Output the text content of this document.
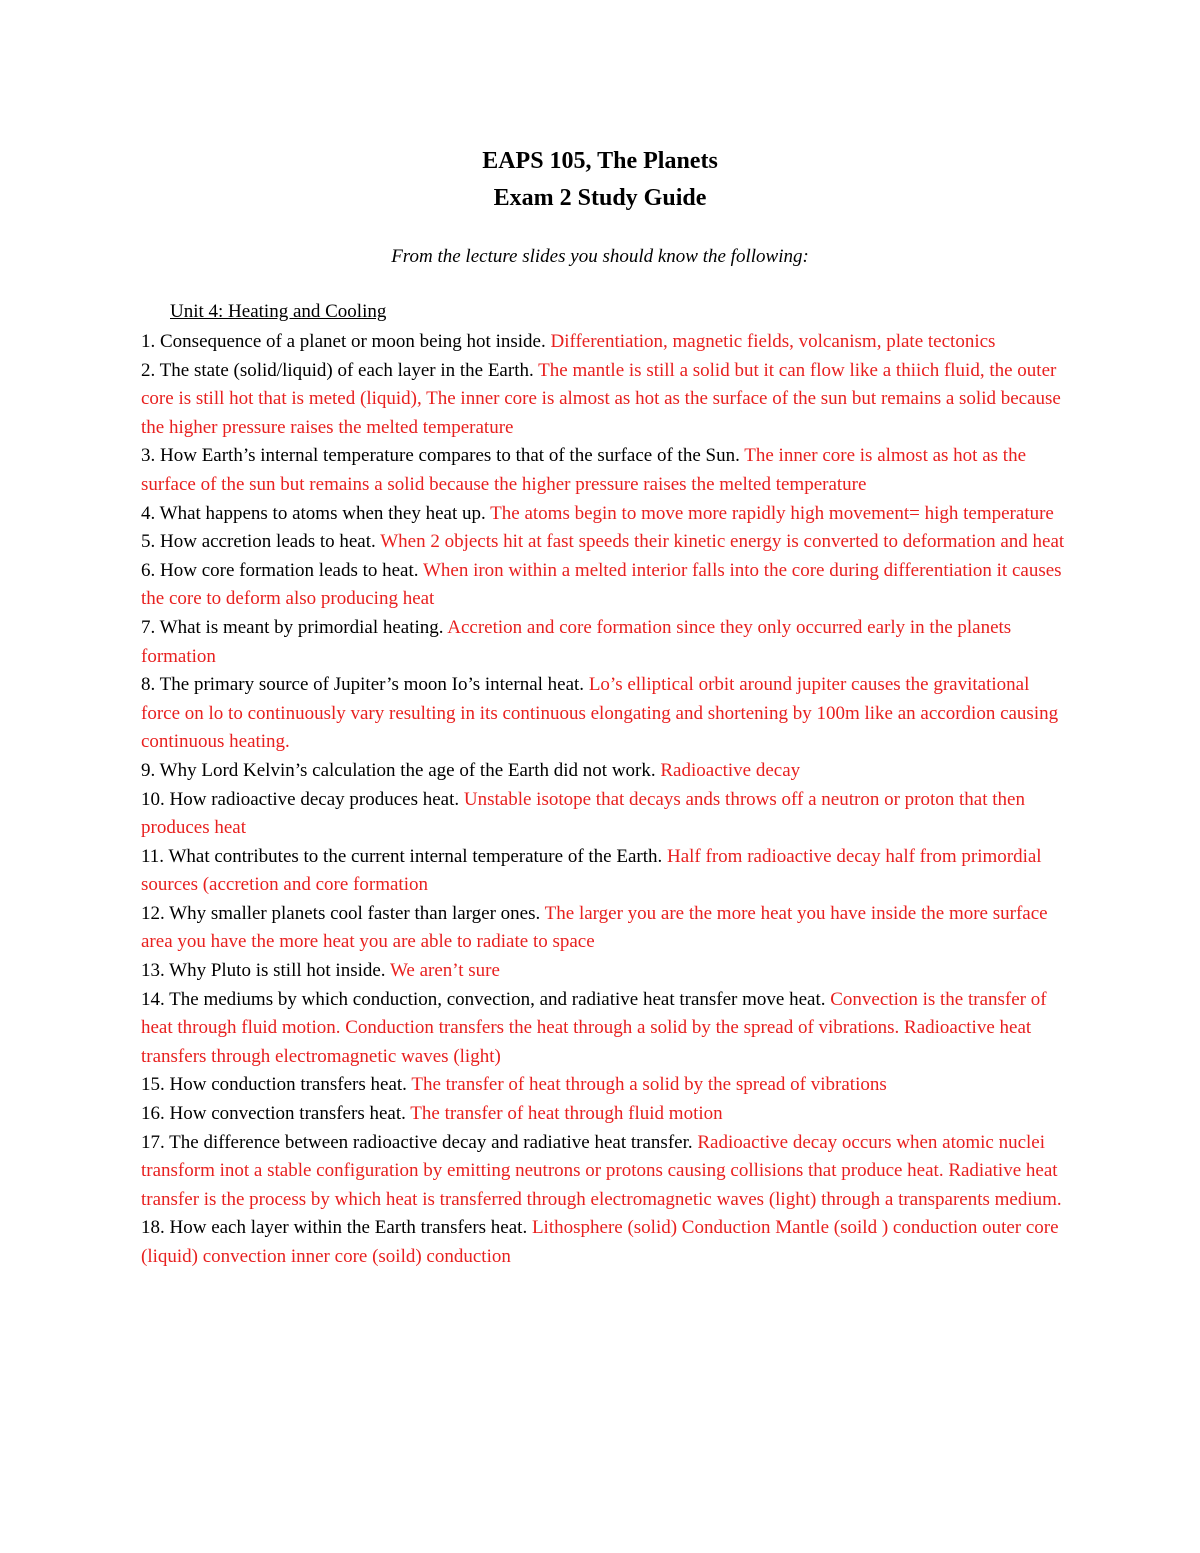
EAPS 105, The Planets

Exam 2 Study Guide

From the lecture slides you should know the following:

Unit 4: Heating and Cooling

1. Consequence of a planet or moon being hot inside. Differentiation, magnetic fields, volcanism, plate tectonics
2. The state (solid/liquid) of each layer in the Earth. The mantle is still a solid but it can flow like a thiich fluid, the outer core is still hot that is meted (liquid), The inner core is almost as hot as the surface of the sun but remains a solid because the higher pressure raises the melted temperature
3. How Earth’s internal temperature compares to that of the surface of the Sun. The inner core is almost as hot as the surface of the sun but remains a solid because the higher pressure raises the melted temperature
4. What happens to atoms when they heat up. The atoms begin to move more rapidly high movement= high temperature
5. How accretion leads to heat. When 2 objects hit at fast speeds their kinetic energy is converted to deformation and heat
6. How core formation leads to heat. When iron within a melted interior falls into the core during differentiation it causes the core to deform also producing heat
7. What is meant by primordial heating. Accretion and core formation since they only occurred early in the planets formation
8. The primary source of Jupiter’s moon Io’s internal heat. Lo’s elliptical orbit around jupiter causes the gravitational force on lo to continuously vary resulting in its continuous elongating and shortening by 100m like an accordion causing continuous heating.
9. Why Lord Kelvin’s calculation the age of the Earth did not work. Radioactive decay
10. How radioactive decay produces heat. Unstable isotope that decays ands throws off a neutron or proton that then produces heat
11. What contributes to the current internal temperature of the Earth. Half from radioactive decay half from primordial sources (accretion and core formation
12. Why smaller planets cool faster than larger ones. The larger you are the more heat you have inside the more surface area you have the more heat you are able to radiate to space
13. Why Pluto is still hot inside. We aren’t sure
14. The mediums by which conduction, convection, and radiative heat transfer move heat. Convection is the transfer of heat through fluid motion. Conduction transfers the heat through a solid by the spread of vibrations. Radioactive heat transfers through electromagnetic waves (light)
15. How conduction transfers heat. The transfer of heat through a solid by the spread of vibrations
16. How convection transfers heat. The transfer of heat through fluid motion
17. The difference between radioactive decay and radiative heat transfer. Radioactive decay occurs when atomic nuclei transform inot a stable configuration by emitting neutrons or protons causing collisions that produce heat. Radiative heat transfer is the process by which heat is transferred through electromagnetic waves (light) through a transparents medium.
18. How each layer within the Earth transfers heat. Lithosphere (solid) Conduction Mantle (soild ) conduction outer core (liquid) convection inner core (soild) conduction
